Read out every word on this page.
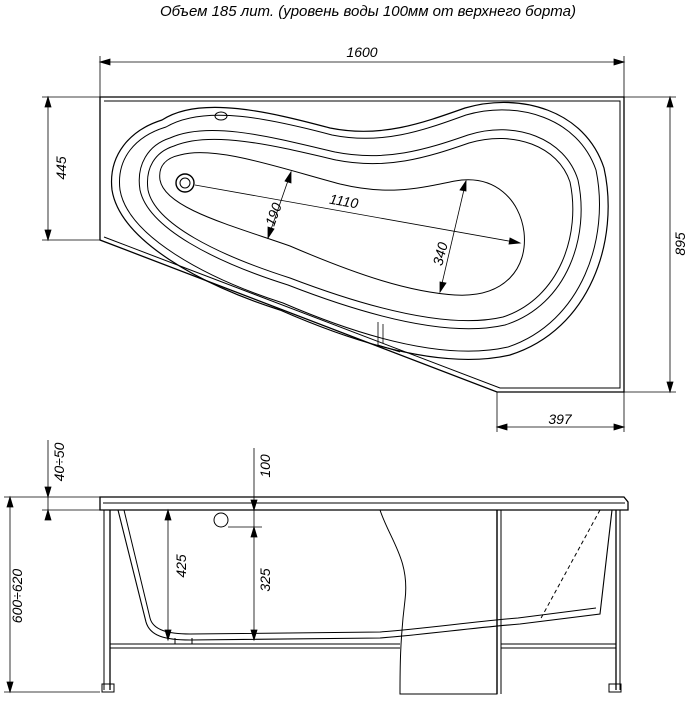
Объем 185 лит. (уровень воды 100мм от верхнего борта)
1600
445
895
397
1110
190
340
40÷50
600÷620
425
100
325
